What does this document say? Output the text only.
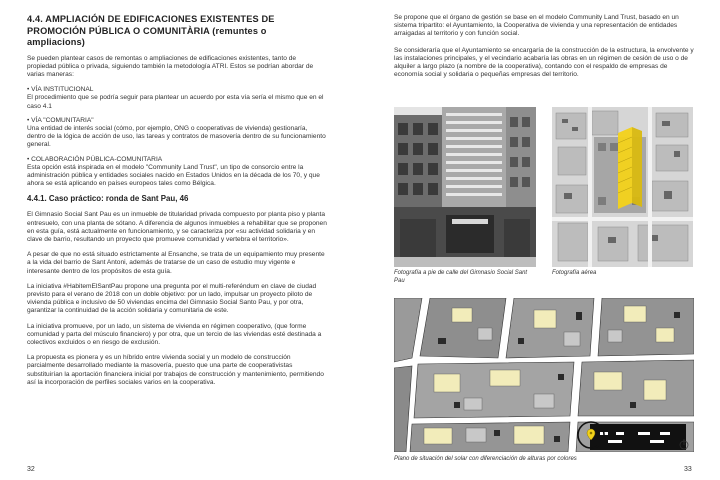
4.4. AMPLIACIÓN DE EDIFICACIONES EXISTENTES DE PROMOCIÓN PÚBLICA O COMUNITÀRIA (remuntes o ampliacions)
Se pueden plantear casos de remontas o ampliaciones de edificaciones existentes, tanto de propiedad pública o privada, siguiendo también la metodología ATRI. Estos se podrían abordar de varias maneras:
• VÍA INSTITUCIONAL
El procedimiento que se podría seguir para plantear un acuerdo por esta vía sería el mismo que en el caso 4.1
• VÍA "COMUNITARIA"
Una entidad de interés social (cómo, por ejemplo, ONG o cooperativas de vivienda) gestionaría, dentro de la lógica de acción de uso, las tareas y contratos de masovería dentro de su funcionamiento general.
• COLABORACIÓN PÚBLICA-COMUNITARIA
Esta opción está inspirada en el modelo "Community Land Trust", un tipo de consorcio entre la administración pública y entidades sociales nacido en Estados Unidos en la década de los 70, y que ahora se está aplicando en países europeos tales como Bélgica.
4.4.1. Caso práctico: ronda de Sant Pau, 46
El Gimnasio Social Sant Pau es un inmueble de titularidad privada compuesto por planta piso y planta entresuelo, con una planta de sótano. A diferencia de algunos inmuebles a rehabilitar que se proponen en esta guía, está actualmente en funcionamiento, y se caracteriza por «su actividad solidaria y en clave de barrio, resultando un proyecto que promueve comunidad y vertebra el territorio».
A pesar de que no está situado estrictamente al Ensanche, se trata de un equipamiento muy presente a la vida del barrio de Sant Antoni, además de tratarse de un caso de estudio muy vigente e interesante dentro de los propósitos de esta guía.
La iniciativa #HabitemElSantPau propone una pregunta por el multi-referéndum en clave de ciudad previsto para el verano de 2018 con un doble objetivo: por un lado, impulsar un proyecto piloto de vivienda pública e inclusivo de 50 viviendas encima del Gimnasio Social Santo Pau, y por otra, garantizar la continuidad de la acción solidaria y comunitaria de este.
La iniciativa promueve, por un lado, un sistema de vivienda en régimen cooperativo, (que forme comunidad y parta del músculo financiero) y por otra, que un tercio de las viviendas esté destinada a colectivos excluidos o en riesgo de exclusión.
La propuesta es pionera y es un híbrido entre vivienda social y un modelo de construcción parcialmente desarrollado mediante la masovería, puesto que una parte de cooperativistas substituirían la aportación financiera inicial por trabajos de construcción y mantenimiento, permitiendo así la incorporación de perfiles sociales varios en la cooperativa.
32
Se propone que el órgano de gestión se base en el modelo Community Land Trust, basado en un sistema tripartito: el Ayuntamiento, la Cooperativa de vivienda y una representación de entidades arraigadas al territorio y con función social.
Se consideraría que el Ayuntamiento se encargaría de la construcción de la estructura, la envolvente y las instalaciones principales, y el vecindario acabaría las obras en un régimen de cesión de uso o de alquiler a largo plazo (a nombre de la cooperativa), contando con el respaldo de empresas de economía social y solidaria o pequeñas empresas del territorio.
Fotografía a pie de calle del Gimnasio Social Sant Pau
Fotografía aérea
Plano de situación del solar con diferenciación de alturas por colores
33
